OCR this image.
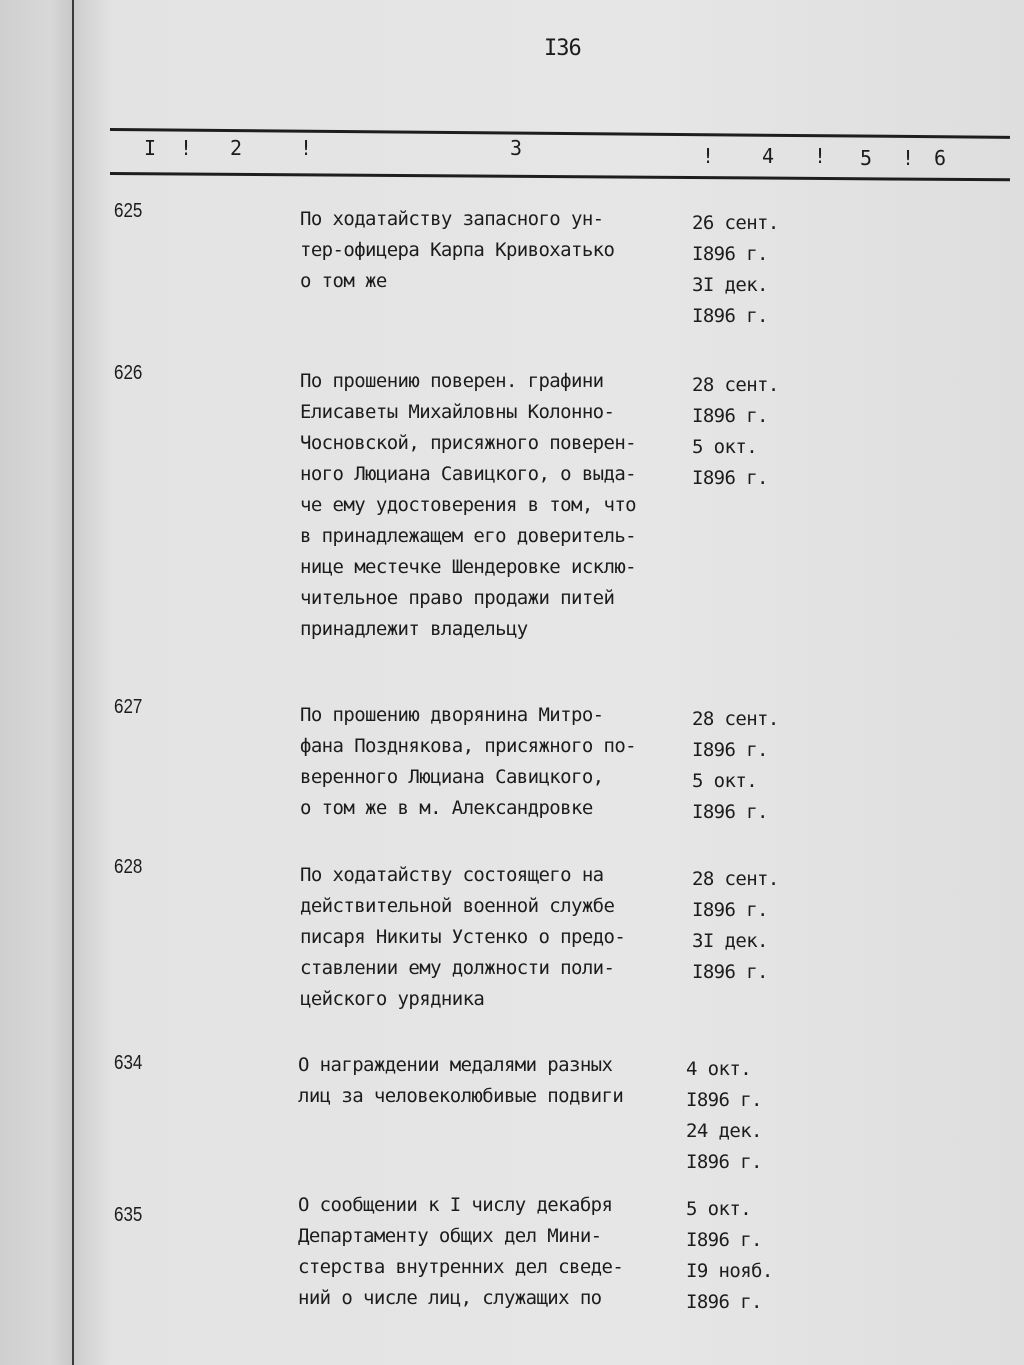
I36
I ! 2	!	3	! 4 ! 5 ! 6
625	По ходатайству запасного ун-
тер-офицера Карпа Кривохатько
о том же
26 сент.
I896 г.
3I дек.
I896 г.
626	По прошению поверен. графини
Елисаветы Михайловны Колонно-
Чосновской, присяжного поверен-
ного Люциана Савицкого, о выда-
че ему удостоверения в том, что
в принадлежащем его доверитель-
нице местечке Шендеровке исклю-
чительное право продажи питей
принадлежит владельцу
28 сент.
I896 г.
5 окт.
I896 г.
627	По прошению дворянина Митро-
фана Позднякова, присяжного по-
веренного Люциана Савицкого,
о том же в м. Александровке
28 сент.
I896 г.
5 окт.
I896 г.
628	По ходатайству состоящего на
действительной военной службе
писаря Никиты Устенко о предо-
ставлении ему должности поли-
цейского урядника
28 сент.
I896 г.
3I дек.
I896 г.
634	О награждении медалями разных
лиц за человеколюбивые подвиги
4 окт.
I896 г.
24 дек.
I896 г.
635	О сообщении к I числу декабря
Департаменту общих дел Мини-
стерства внутренних дел сведе-
ний о числе лиц, служащих по
5 окт.
I896 г.
I9 нояб.
I896 г.
